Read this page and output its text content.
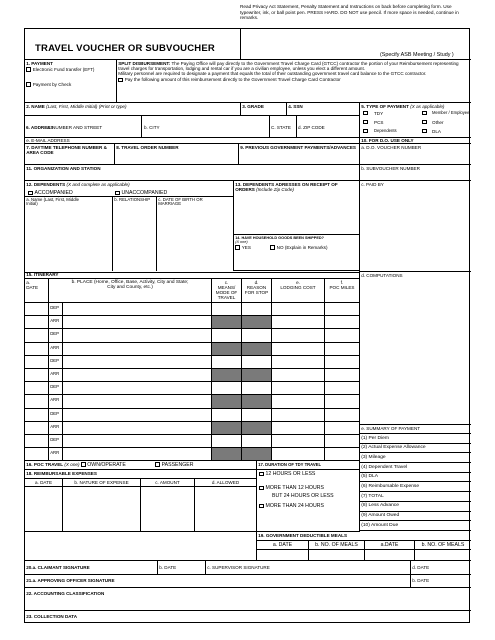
Read Privacy Act Statement, Penalty Statement and Instructions on back before completing form. Use typewriter, ink, or ball point pen. PRESS HARD. DO NOT use pencil. If more space is needed, continue in remarks.
TRAVEL VOUCHER OR SUBVOUCHER
(Specify ASB Meeting / Study )
1. PAYMENT
Electronic Fund transfer (EFT)
Payment by Check
SPLIT DISBURSEMENT: The Paying Office will pay directly to the Government Travel Charge Card (GTCC) contractor the portion of your Reimbursement representing travel charges for transportation, lodging and rental car if you are a civilian employee, unless you elect a different amount.
Military personnel are required to designate a payment that equals the total of their outstanding government travel card balance to the GTCC contractor.
Pay the following amount of this reimbursement directly to the Government Travel Charge Card Contractor
2. NAME (Last, First, Middle Initial) (Print or type)	3. GRADE	4. SSN	5. TYPE OF PAYMENT (X as applicable)
TDY	Member / Employee
PCS	Other
Dependents	DLA
6. ADDRESS
a. NUMBER AND STREET	b. CITY	C. STATE d. ZIP CODE
e. E-MAIL ADDRESS	10. FOR D.O. USE ONLY
7. DAYTIME TELEPHONE NUMBER & AREA CODE
8. TRAVEL ORDER NUMBER	9. PREVIOUS GOVERNMENT PAYMENTS/ADVANCES	a. D.O. VOUCHER NUMBER
11. ORGANIZATION AND STATION	b. SUBVOUCHER NUMBER
12. DEPENDENTS (X and complete as applicable)
ACCOMPANIED	UNACCOMPANIED
a. Name (Last, First, Middle Initial)
b. RELATIONSHIP	c. DATE OF BIRTH OR MARRIAGE
13. DEPENDENTS ADRESSES ON RECEIPT OF ORDERS (Include Zip Code)
c. PAID BY
14. HAVE HOUSEHOLD GOODS BEEN SHIPPED?
(X one)
YES	NO (Explain in Remarks)
d. COMPUTATIONS
15. ITINERARY
a. DATE
b. PLACE (Home, Office, Base, Activity, City and State; City and County, etc.)
c.
MEANS/ MODE OF TRAVEL
d.
REASON FOR STOP
e.
LODGING COST
f.
POC MILES
DEP
ARR
DEP
ARR
DEP
ARR
DEP
ARR
DEP
ARR
DEP
ARR
e. SUMMARY OF PAYMENT
(1) Per Diem
(2) Actual Expense Allowance
(3) Mileage
(4) Dependent Travel
(5) DLA
(6) Reimbursable Expense
(7) TOTAL
(8) Less Advance
(9) Amount Owed
(10) Amount Due
16. POC TRAVEL (X one) OWN/OPERATE	PASSENGER	17. DURATION OF TDY TRAVEL
18. REIMBURSABLE EXPENSES
a. DATE	b. NATURE OF EXPENSE	c. AMOUNT	d. ALLOWED
12 HOURS OR LESS
MORE THAN 12 HOURS
BUT 24 HOURS OR LESS
MORE THAN 24 HOURS
19. GOVERNMENT DEDUCTIBLE MEALS
a. DATE	b. NO. OF MEALS	a.DATE	b. NO. OF MEALS
20.a. CLAIMANT SIGNATURE	b. DATE	c. SUPERVISOR SIGNATURE	d. DATE
21.a. APPROVING OFFICER SIGNATURE	b. DATE
22. ACCOUNTING CLASSIFICATION
23. COLLECTION DATA
